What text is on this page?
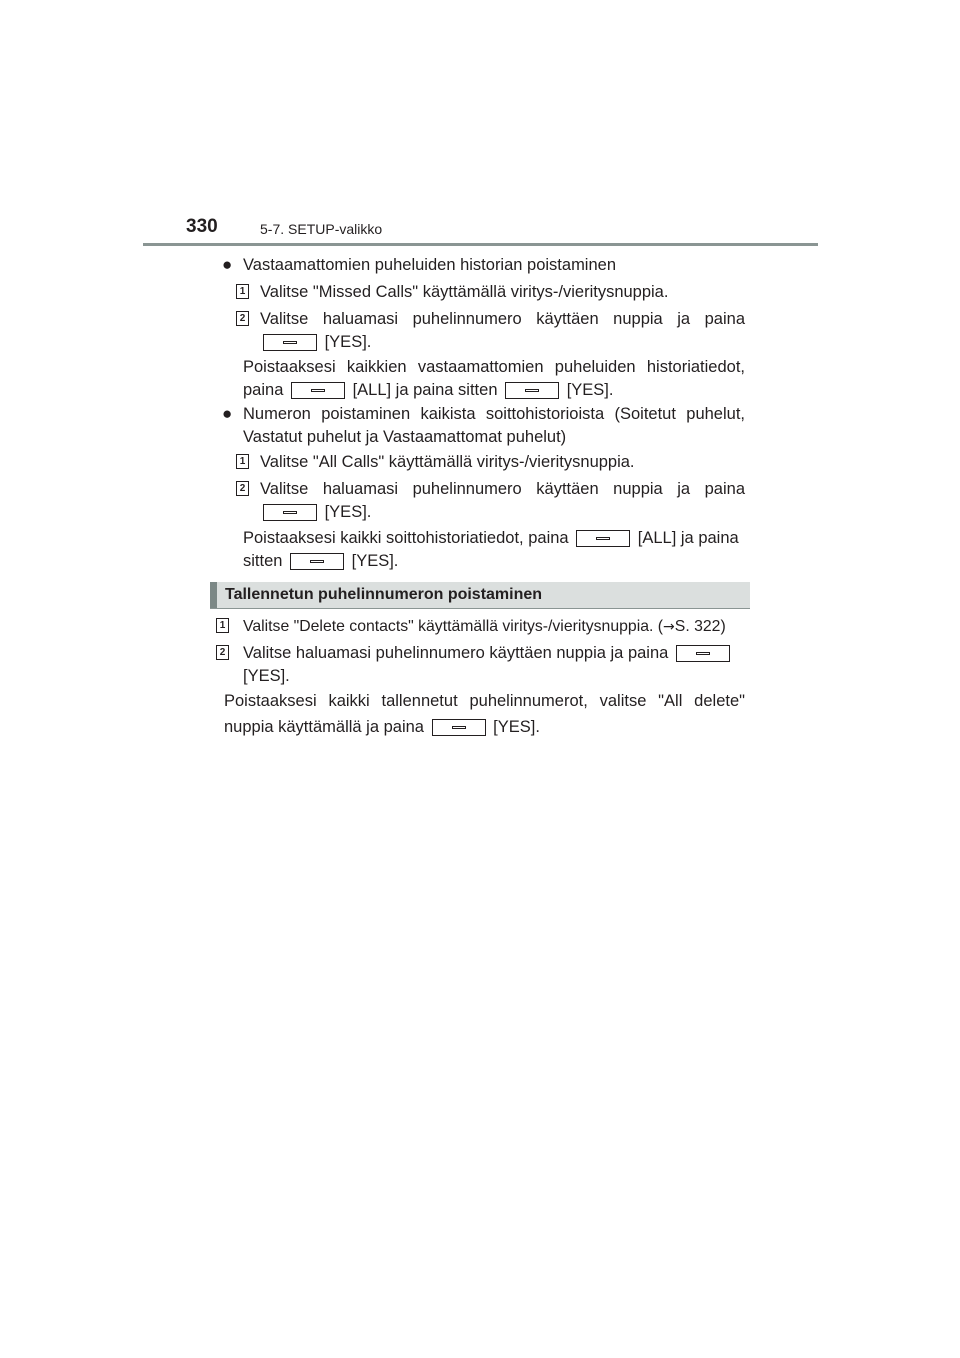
330	5-7. SETUP-valikko
● Vastaamattomien puheluiden historian poistaminen
1 Valitse "Missed Calls" käyttämällä viritys-/vieritysnuppia.
2 Valitse haluamasi puhelinnumero käyttäen nuppia ja paina
[YES].
Poistaaksesi kaikkien vastaamattomien puheluiden historiatiedot,
paina	[ALL] ja paina sitten	[YES].
● Numeron poistaminen kaikista soittohistorioista (Soitetut puhelut,
Vastatut puhelut ja Vastaamattomat puhelut)
1 Valitse "All Calls" käyttämällä viritys-/vieritysnuppia.
2 Valitse haluamasi puhelinnumero käyttäen nuppia ja paina
[YES].
Poistaaksesi kaikki soittohistoriatiedot, paina	[ALL] ja paina
sitten	[YES].
Tallennetun puhelinnumeron poistaminen
1 Valitse "Delete contacts" käyttämällä viritys-/vieritysnuppia. (→S. 322)
2 Valitse haluamasi puhelinnumero käyttäen nuppia ja paina
[YES].
Poistaaksesi kaikki tallennetut puhelinnumerot, valitse "All delete"
nuppia käyttämällä ja paina	[YES].
